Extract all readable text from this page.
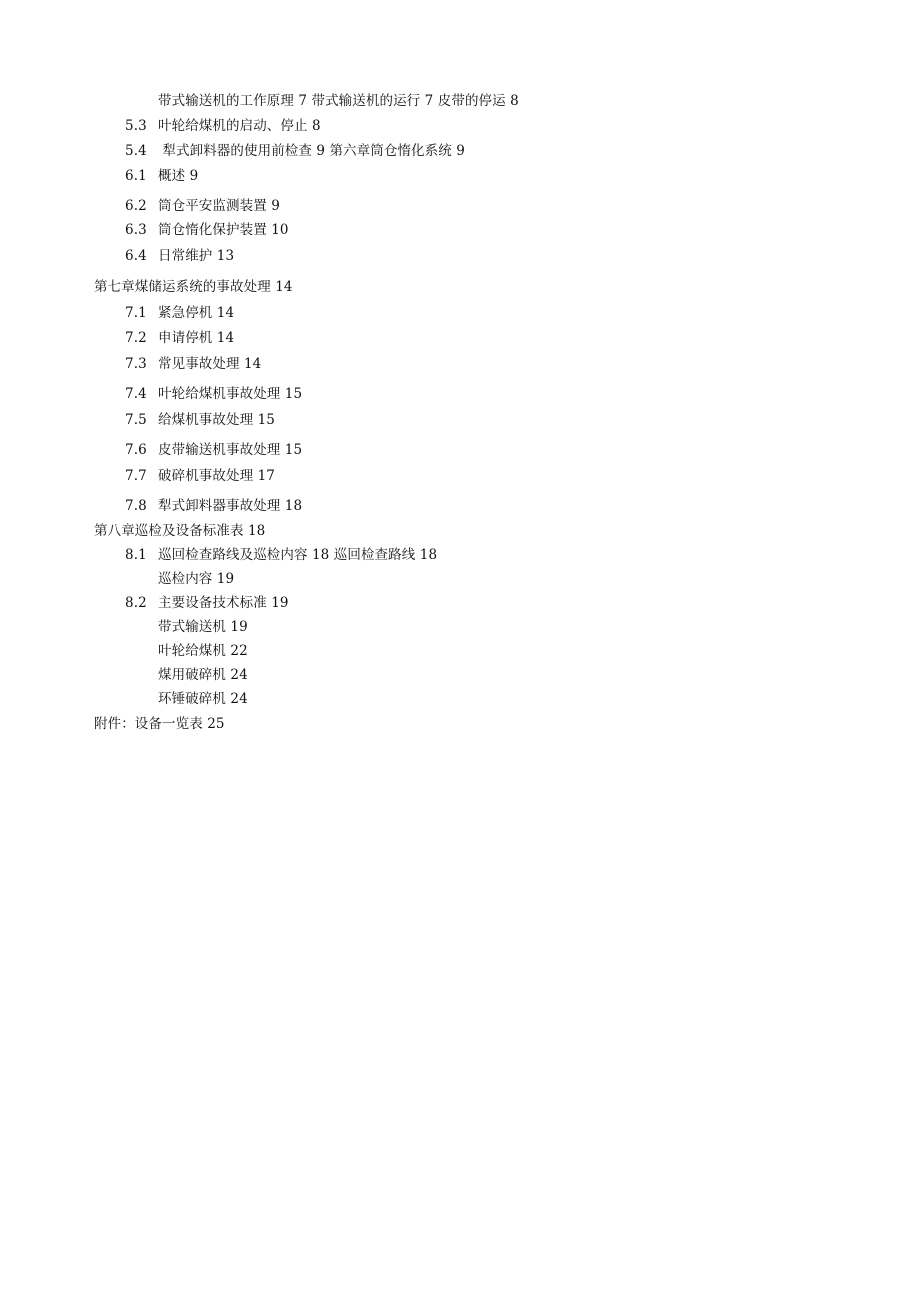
带式输送机的工作原理 7 带式输送机的运行 7 皮带的停运 8
5.3 叶轮给煤机的启动、停止 8
5.4 犁式卸料器的使用前检查 9 第六章筒仓惰化系统 9
6.1 概述 9
6.2 筒仓平安监测装置 9
6.3 筒仓惰化保护装置 10
6.4 日常维护 13
第七章煤储运系统的事故处理 14
7.1 紧急停机 14
7.2 申请停机 14
7.3 常见事故处理 14
7.4 叶轮给煤机事故处理 15
7.5 给煤机事故处理 15
7.6 皮带输送机事故处理 15
7.7 破碎机事故处理 17
7.8 犁式卸料器事故处理 18
第八章巡检及设备标准表 18
8.1 巡回检查路线及巡检内容 18 巡回检查路线 18
巡检内容 19
8.2 主要设备技术标准 19
带式输送机 19
叶轮给煤机 22
煤用破碎机 24
环锤破碎机 24
附件：设备一览表 25
